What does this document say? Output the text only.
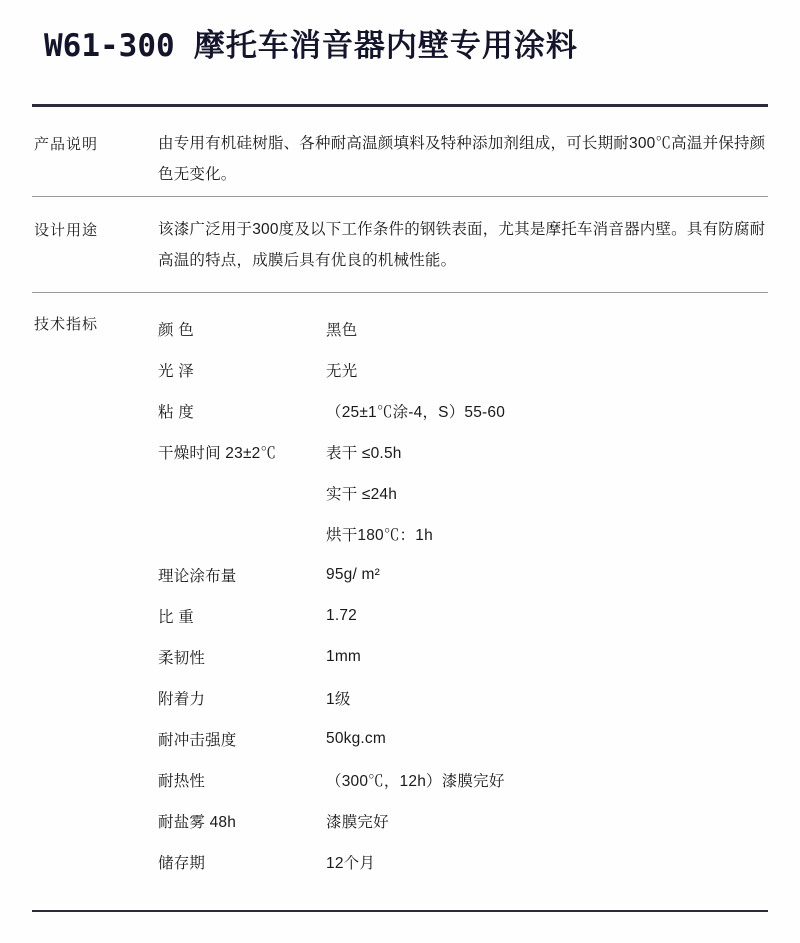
W61-300 摩托车消音器内壁专用涂料
产品说明	由专用有机硅树脂、各种耐高温颜填料及特种添加剂组成，可长期耐300℃高温并保持颜色无变化。
设计用途	该漆广泛用于300度及以下工作条件的钢铁表面，尤其是摩托车消音器内壁。具有防腐耐高温的特点，成膜后具有优良的机械性能。
技术指标	颜 色	黑色
光 泽	无光
粘 度	（25±1℃涂-4，S）55-60
干燥时间 23±2℃	表干 ≤0.5h
	实干 ≤24h
	烘干180℃：1h
理论涂布量	95g/ m²
比 重	1.72
柔韧性	1mm
附着力	1级
耐冲击强度	50kg.cm
耐热性	（300℃，12h）漆膜完好
耐盐雾 48h	漆膜完好
储存期	12个月
